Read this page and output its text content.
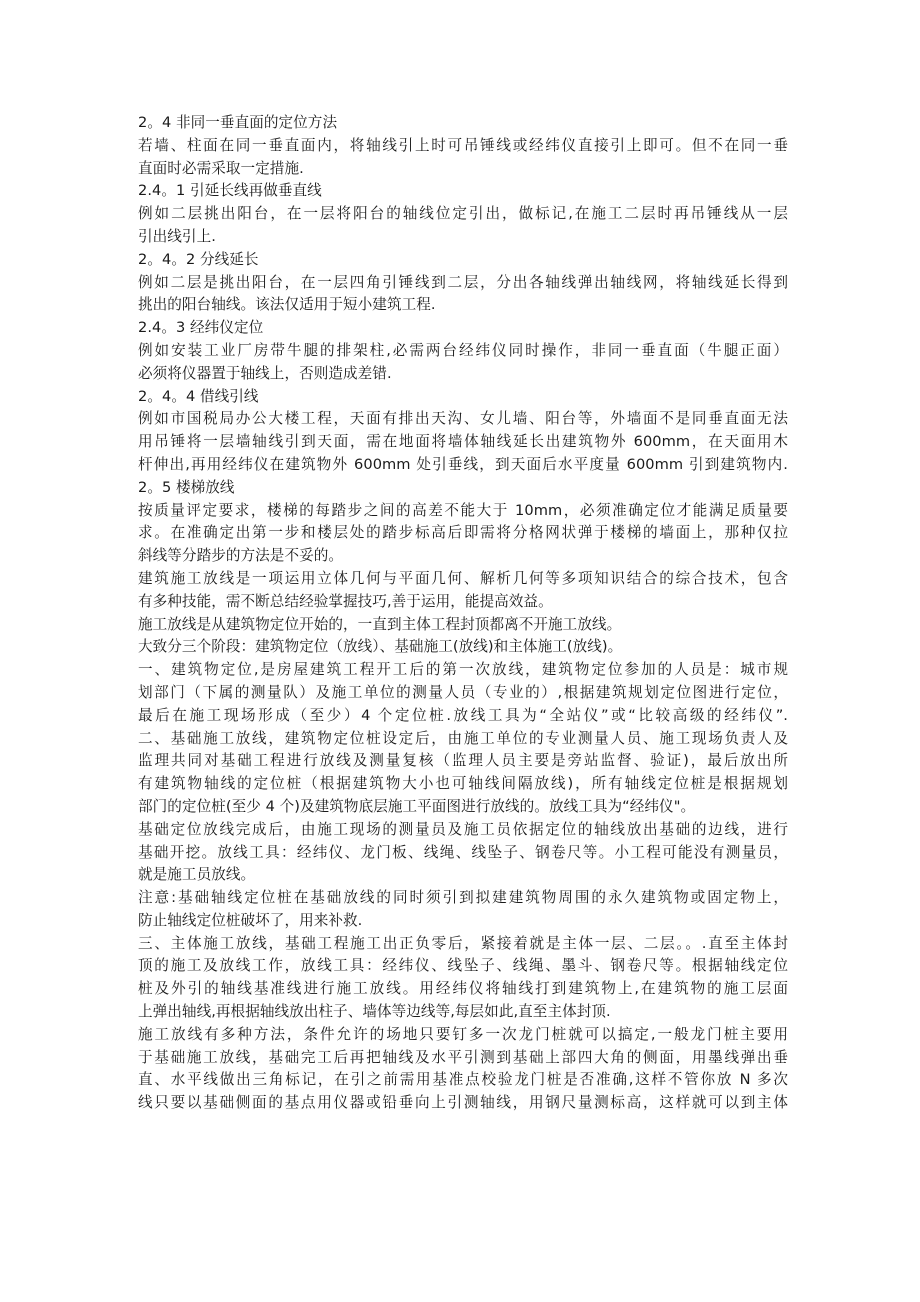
2。4 非同一垂直面的定位方法
若墙、柱面在同一垂直面内，将轴线引上时可吊锤线或经纬仪直接引上即可。但不在同一垂
直面时必需采取一定措施.
2.4。1 引延长线再做垂直线
例如二层挑出阳台，在一层将阳台的轴线位定引出，做标记,在施工二层时再吊锤线从一层
引出线引上.
2。4。2 分线延长
例如二层是挑出阳台，在一层四角引锤线到二层，分出各轴线弹出轴线网，将轴线延长得到
挑出的阳台轴线。该法仅适用于短小建筑工程.
2.4。3 经纬仪定位
例如安装工业厂房带牛腿的排架柱,必需两台经纬仪同时操作，非同一垂直面（牛腿正面）
必须将仪器置于轴线上，否则造成差错.
2。4。4 借线引线
例如市国税局办公大楼工程，天面有排出天沟、女儿墙、阳台等，外墙面不是同垂直面无法
用吊锤将一层墙轴线引到天面，需在地面将墙体轴线延长出建筑物外 600mm，在天面用木
杆伸出,再用经纬仪在建筑物外 600mm 处引垂线，到天面后水平度量 600mm 引到建筑物内.
2。5 楼梯放线
按质量评定要求，楼梯的每踏步之间的高差不能大于 10mm，必须准确定位才能满足质量要
求。在准确定出第一步和楼层处的踏步标高后即需将分格网状弹于楼梯的墙面上，那种仅拉
斜线等分踏步的方法是不妥的。
建筑施工放线是一项运用立体几何与平面几何、解析几何等多项知识结合的综合技术，包含
有多种技能，需不断总结经验掌握技巧,善于运用，能提高效益。
施工放线是从建筑物定位开始的，一直到主体工程封顶都离不开施工放线。
大致分三个阶段：建筑物定位（放线）、基础施工(放线)和主体施工(放线)。
一、建筑物定位,是房屋建筑工程开工后的第一次放线，建筑物定位参加的人员是：城市规
划部门（下属的测量队）及施工单位的测量人员（专业的）,根据建筑规划定位图进行定位，
最后在施工现场形成（至少）4 个定位桩.放线工具为“全站仪”或“比较高级的经纬仪”.
二、基础施工放线，建筑物定位桩设定后，由施工单位的专业测量人员、施工现场负责人及
监理共同对基础工程进行放线及测量复核（监理人员主要是旁站监督、验证)，最后放出所
有建筑物轴线的定位桩（根据建筑物大小也可轴线间隔放线)，所有轴线定位桩是根据规划
部门的定位桩(至少 4 个)及建筑物底层施工平面图进行放线的。放线工具为“经纬仪"。
基础定位放线完成后，由施工现场的测量员及施工员依据定位的轴线放出基础的边线，进行
基础开挖。放线工具：经纬仪、龙门板、线绳、线坠子、钢卷尺等。小工程可能没有测量员，
就是施工员放线。
注意:基础轴线定位桩在基础放线的同时须引到拟建建筑物周围的永久建筑物或固定物上，
防止轴线定位桩破坏了，用来补救.
三、主体施工放线，基础工程施工出正负零后，紧接着就是主体一层、二层。。.直至主体封
顶的施工及放线工作，放线工具：经纬仪、线坠子、线绳、墨斗、钢卷尺等。根据轴线定位
桩及外引的轴线基准线进行施工放线。用经纬仪将轴线打到建筑物上,在建筑物的施工层面
上弹出轴线,再根据轴线放出柱子、墙体等边线等,每层如此,直至主体封顶.
施工放线有多种方法，条件允许的场地只要钉多一次龙门桩就可以搞定,一般龙门桩主要用
于基础施工放线，基础完工后再把轴线及水平引测到基础上部四大角的侧面，用墨线弹出垂
直、水平线做出三角标记，在引之前需用基准点校验龙门桩是否准确,这样不管你放 N 多次
线只要以基础侧面的基点用仪器或铅垂向上引测轴线，用钢尺量测标高，这样就可以到主体
